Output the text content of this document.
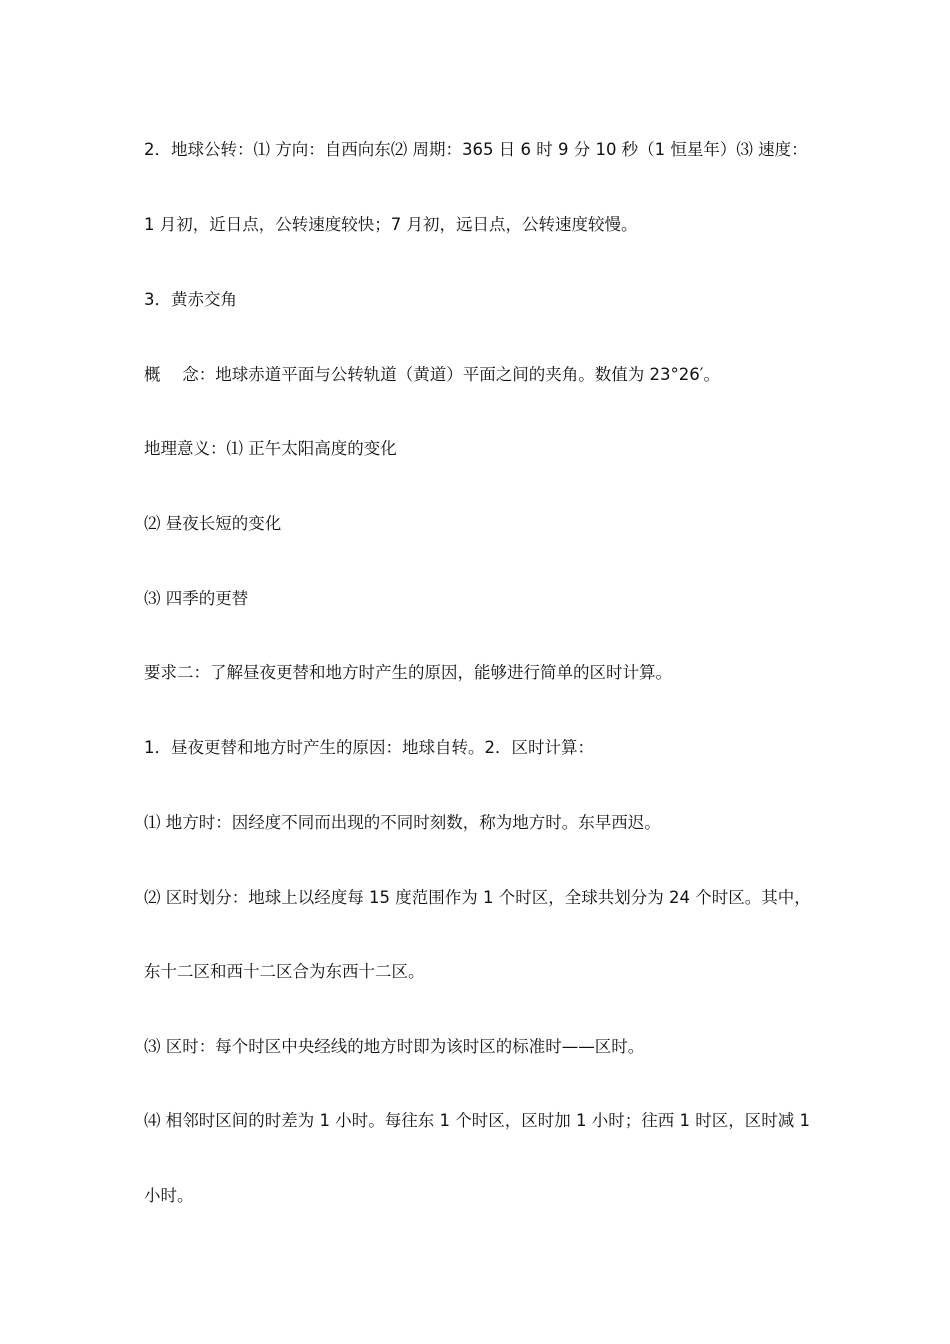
2．地球公转：⑴ 方向：自西向东⑵ 周期：365 日 6 时 9 分 10 秒（1 恒星年）⑶ 速度：
1 月初，近日点，公转速度较快；7 月初，远日点，公转速度较慢。
3．黄赤交角
概　 念：地球赤道平面与公转轨道（黄道）平面之间的夹角。数值为 23°26′。
地理意义：⑴ 正午太阳高度的变化
⑵ 昼夜长短的变化
⑶ 四季的更替
要求二：了解昼夜更替和地方时产生的原因，能够进行简单的区时计算。
1．昼夜更替和地方时产生的原因：地球自转。2．区时计算：
⑴ 地方时：因经度不同而出现的不同时刻数，称为地方时。东早西迟。
⑵ 区时划分：地球上以经度每 15 度范围作为 1 个时区，全球共划分为 24 个时区。其中，
东十二区和西十二区合为东西十二区。
⑶ 区时：每个时区中央经线的地方时即为该时区的标准时——区时。
⑷ 相邻时区间的时差为 1 小时。每往东 1 个时区，区时加 1 小时；往西 1 时区，区时减 1
小时。
